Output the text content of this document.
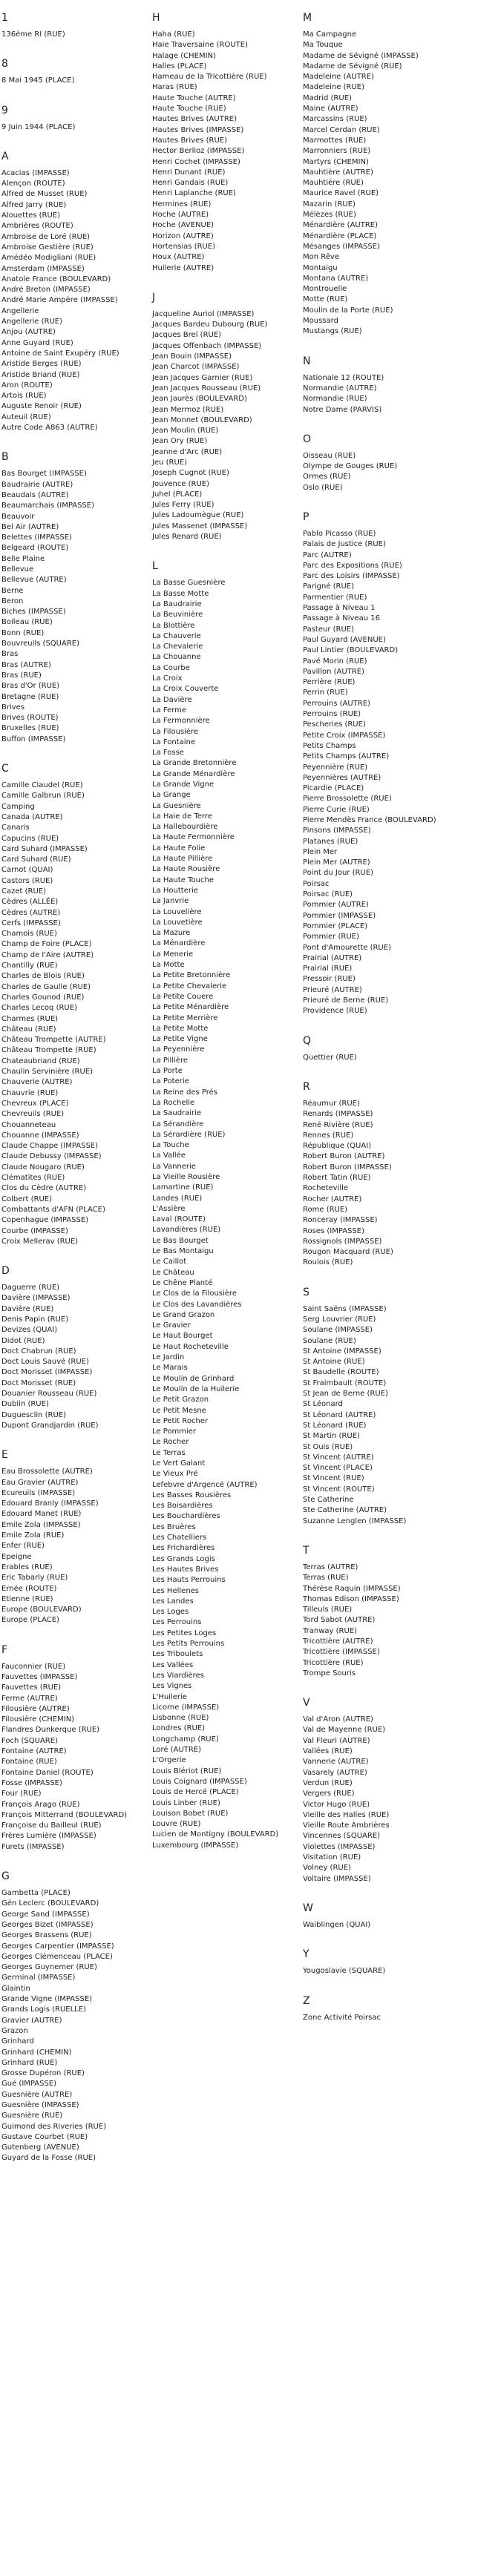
1
136ème RI (RUE)
8
8 Mai 1945 (PLACE)
9
9 Juin 1944 (PLACE)
A
Acacias (IMPASSE)
Alençon (ROUTE)
Alfred de Musset (RUE)
Alfred Jarry (RUE)
Alouettes (RUE)
Ambrières (ROUTE)
Ambroise de Loré (RUE)
Ambroise Gestière (RUE)
Amédéo Modigliani (RUE)
Amsterdam (IMPASSE)
Anatole France (BOULEVARD)
André Breton (IMPASSE)
André Marie Ampère (IMPASSE)
Angellerie
Angellerie (RUE)
Anjou (AUTRE)
Anne Guyard (RUE)
Antoine de Saint Exupéry (RUE)
Aristide Berges (RUE)
Aristide Briand (RUE)
Aron (ROUTE)
Artois (RUE)
Auguste Renoir (RUE)
Auteuil (RUE)
Autre Code A863 (AUTRE)
B
Bas Bourget (IMPASSE)
Baudrairie (AUTRE)
Beaudais (AUTRE)
Beaumarchais (IMPASSE)
Beauvoir
Bel Air (AUTRE)
Belettes (IMPASSE)
Belgeard (ROUTE)
Belle Plaine
Bellevue
Bellevue (AUTRE)
Berne
Beron
Biches (IMPASSE)
Boileau (RUE)
Bonn (RUE)
Bouvreuils (SQUARE)
Bras
Bras (AUTRE)
Bras (RUE)
Bras d'Or (RUE)
Bretagne (RUE)
Brives
Brives (ROUTE)
Bruxelles (RUE)
Buffon (IMPASSE)
C
Camille Claudel (RUE)
Camille Galbrun (RUE)
Camping
Canada (AUTRE)
Canaris
Capucins (RUE)
Card Suhard (IMPASSE)
Card Suhard (RUE)
Carnot (QUAI)
Castors (RUE)
Cazet (RUE)
Cèdres (ALLÉE)
Cèdres (AUTRE)
Cerfs (IMPASSE)
Chamois (RUE)
Champ de Foire (PLACE)
Champ de l'Aire (AUTRE)
Chantilly (RUE)
Charles de Blois (RUE)
Charles de Gaulle (RUE)
Charles Gounod (RUE)
Charles Lecoq (RUE)
Charmes (RUE)
Château (RUE)
Château Trompette (AUTRE)
Château Trompette (RUE)
Chateaubriand (RUE)
Chaulin Servinière (RUE)
Chauverie (AUTRE)
Chauvrie (RUE)
Chevreux (PLACE)
Chevreuils (RUE)
Chouanneteau
Chouanne (IMPASSE)
Claude Chappe (IMPASSE)
Claude Debussy (IMPASSE)
Claude Nougaro (RUE)
Clématites (RUE)
Clos du Cèdre (AUTRE)
Colbert (RUE)
Combattants d'AFN (PLACE)
Copenhague (IMPASSE)
Courbe (IMPASSE)
Croix Mellerav (RUE)
D
Daguerre (RUE)
Davière (IMPASSE)
Davière (RUE)
Denis Papin (RUE)
Devizes (QUAI)
Didot (RUE)
Doct Chabrun (RUE)
Doct Louis Sauvé (RUE)
Doct Morisset (IMPASSE)
Doct Morisset (RUE)
Douanier Rousseau (RUE)
Dublin (RUE)
Duguesclin (RUE)
Dupont Grandjardin (RUE)
E
Eau Brossolette (AUTRE)
Eau Gravier (AUTRE)
Ecureuils (IMPASSE)
Edouard Branly (IMPASSE)
Edouard Manet (RUE)
Emile Zola (IMPASSE)
Emile Zola (RUE)
Enfer (RUE)
Epeigne
Erables (RUE)
Eric Tabarly (RUE)
Ernée (ROUTE)
Etienne (RUE)
Europe (BOULEVARD)
Europe (PLACE)
F
Fauconnier (RUE)
Fauvettes (IMPASSE)
Fauvettes (RUE)
Ferme (AUTRE)
Filousière (AUTRE)
Filousière (CHEMIN)
Flandres Dunkerque (RUE)
Foch (SQUARE)
Fontaine (AUTRE)
Fontaine (RUE)
Fontaine Daniel (ROUTE)
Fosse (IMPASSE)
Four (RUE)
François Arago (RUE)
François Mitterrand (BOULEVARD)
Françoise du Bailleul (RUE)
Frères Lumière (IMPASSE)
Furets (IMPASSE)
G
Gambetta (PLACE)
Gén Leclerc (BOULEVARD)
George Sand (IMPASSE)
Georges Bizet (IMPASSE)
Georges Brassens (RUE)
Georges Carpentier (IMPASSE)
Georges Clémenceau (PLACE)
Georges Guynemer (RUE)
Germinal (IMPASSE)
Glaintin
Grande Vigne (IMPASSE)
Grands Logis (RUELLE)
Gravier (AUTRE)
Grazon
Grinhard
Grinhard (CHEMIN)
Grinhard (RUE)
Grosse Dupéron (RUE)
Gué (IMPASSE)
Guesnière (AUTRE)
Guesnière (IMPASSE)
Guesnière (RUE)
Guimond des Riveries (RUE)
Gustave Courbet (RUE)
Gutenberg (AVENUE)
Guyard de la Fosse (RUE)
H
Haha (RUE)
Haie Traversaine (ROUTE)
Halage (CHEMIN)
Halles (PLACE)
Hameau de la Tricottière (RUE)
Haras (RUE)
Haute Touche (AUTRE)
Haute Touche (RUE)
Hautes Brives (AUTRE)
Hautes Brives (IMPASSE)
Hautes Brives (RUE)
Hector Berlioz (IMPASSE)
Henri Cochet (IMPASSE)
Henri Dunant (RUE)
Henri Gandais (RUE)
Henri Laplanche (RUE)
Hermines (RUE)
Hoche (AUTRE)
Hoche (AVENUE)
Horizon (AUTRE)
Hortensias (RUE)
Houx (AUTRE)
Huilerie (AUTRE)
J
Jacqueline Auriol (IMPASSE)
Jacques Bardeu Dubourg (RUE)
Jacques Brel (RUE)
Jacques Offenbach (IMPASSE)
Jean Bouin (IMPASSE)
Jean Charcot (IMPASSE)
Jean Jacques Garnier (RUE)
Jean Jacques Rousseau (RUE)
Jean Jaurès (BOULEVARD)
Jean Mermoz (RUE)
Jean Monnet (BOULEVARD)
Jean Moulin (RUE)
Jean Ory (RUE)
Jeanne d'Arc (RUE)
Jeu (RUE)
Joseph Cugnot (RUE)
Jouvence (RUE)
Juhel (PLACE)
Jules Ferry (RUE)
Jules Ladoumègue (RUE)
Jules Massenet (IMPASSE)
Jules Renard (RUE)
L
La Basse Guesnière
La Basse Motte
La Baudrairie
La Beuvinière
La Blottière
La Chauverie
La Chevalerie
La Chouanne
La Courbe
La Croix
La Croix Couverte
La Davière
La Ferme
La Fermonnière
La Filousière
La Fontaine
La Fosse
La Grande Bretonnière
La Grande Ménardière
La Grande Vigne
La Grange
La Guesnière
La Haie de Terre
La Hallebourdière
La Haute Fermonnière
La Haute Folie
La Haute Pillière
La Haute Rousière
La Haute Touche
La Houtterie
La Janvrie
La Louvelière
La Louvetière
La Mazure
La Ménardière
La Menerie
La Motte
La Petite Bretonnière
La Petite Chevalerie
La Petite Couere
La Petite Ménardière
La Petite Merrière
La Petite Motte
La Petite Vigne
La Peyennière
La Pillière
La Porte
La Poterie
La Reine des Prés
La Rochelle
La Saudrairie
La Sérandière
La Sérardière (RUE)
La Touche
La Vallée
La Vannerie
La Vieille Rousière
Lamartine (RUE)
Landes (RUE)
L'Assière
Laval (ROUTE)
Lavandières (RUE)
Le Bas Bourget
Le Bas Montaigu
Le Caillot
Le Château
Le Chêne Planté
Le Clos de la Filousière
Le Clos des Lavandières
Le Grand Grazon
Le Gravier
Le Haut Bourget
Le Haut Rocheteville
Le Jardin
Le Marais
Le Moulin de Grinhard
Le Moulin de la Huilerie
Le Petit Grazon
Le Petit Mesne
Le Petit Rocher
Le Pommier
Le Rocher
Le Terras
Le Vert Galant
Le Vieux Pré
Lefebvre d'Argencé (AUTRE)
Les Basses Rousières
Les Boisardières
Les Bouchardières
Les Bruères
Les Chatelliers
Les Frichardières
Les Grands Logis
Les Hautes Brives
Les Hauts Perrouins
Les Hellenes
Les Landes
Les Loges
Les Perrouins
Les Petites Loges
Les Petits Perrouins
Les Triboulets
Les Vallées
Les Viardières
Les Vignes
L'Huilerie
Licorne (IMPASSE)
Lisbonne (RUE)
Londres (RUE)
Longchamp (RUE)
Loré (AUTRE)
L'Orgerie
Louis Blériot (RUE)
Louis Coignard (IMPASSE)
Louis de Hercé (PLACE)
Louis Linber (RUE)
Louison Bobet (RUE)
Louvre (RUE)
Lucien de Montigny (BOULEVARD)
Luxembourg (IMPASSE)
M
Ma Campagne
Ma Touque
Madame de Sévigné (IMPASSE)
Madame de Sévigné (RUE)
Madeleine (AUTRE)
Madeleine (RUE)
Madrid (RUE)
Maine (AUTRE)
Marcassins (RUE)
Marcel Cerdan (RUE)
Marmottes (RUE)
Marronniers (RUE)
Martyrs (CHEMIN)
Mauhtière (AUTRE)
Mauhtière (RUE)
Maurice Ravel (RUE)
Mazarin (RUE)
Mélèzes (RUE)
Ménardière (AUTRE)
Ménardière (PLACE)
Mésanges (IMPASSE)
Mon Rêve
Montaigu
Montana (AUTRE)
Montrouelle
Motte (RUE)
Moulin de la Porte (RUE)
Moussard
Mustangs (RUE)
N
Nationale 12 (ROUTE)
Normandie (AUTRE)
Normandie (RUE)
Notre Dame (PARVIS)
O
Oisseau (RUE)
Olympe de Gouges (RUE)
Ormes (RUE)
Oslo (RUE)
P
Pablo Picasso (RUE)
Palais de Justice (RUE)
Parc (AUTRE)
Parc des Expositions (RUE)
Parc des Loisirs (IMPASSE)
Parigné (RUE)
Parmentier (RUE)
Passage à Niveau 1
Passage à Niveau 16
Pasteur (RUE)
Paul Guyard (AVENUE)
Paul Lintier (BOULEVARD)
Pavé Morin (RUE)
Pavillon (AUTRE)
Perrière (RUE)
Perrin (RUE)
Perrouins (AUTRE)
Perrouins (RUE)
Pescheries (RUE)
Petite Croix (IMPASSE)
Petits Champs
Petits Champs (AUTRE)
Peyennière (RUE)
Peyennières (AUTRE)
Picardie (PLACE)
Pierre Brossolette (RUE)
Pierre Curie (RUE)
Pierre Mendès France (BOULEVARD)
Pinsons (IMPASSE)
Platanes (RUE)
Plein Mer
Plein Mer (AUTRE)
Point du Jour (RUE)
Poirsac
Poirsac (RUE)
Pommier (AUTRE)
Pommier (IMPASSE)
Pommier (PLACE)
Pommier (RUE)
Pont d'Amourette (RUE)
Prairial (AUTRE)
Prairial (RUE)
Pressoir (RUE)
Prieuré (AUTRE)
Prieuré de Berne (RUE)
Providence (RUE)
Q
Quettier (RUE)
R
Réaumur (RUE)
Renards (IMPASSE)
René Rivière (RUE)
Rennes (RUE)
République (QUAI)
Robert Buron (AUTRE)
Robert Buron (IMPASSE)
Robert Tatin (RUE)
Rocheteville
Rocher (AUTRE)
Rome (RUE)
Ronceray (IMPASSE)
Roses (IMPASSE)
Rossignols (IMPASSE)
Rougon Macquard (RUE)
Roulois (RUE)
S
Saint Saëns (IMPASSE)
Serg Louvrier (RUE)
Soulane (IMPASSE)
Soulane (RUE)
St Antoine (IMPASSE)
St Antoine (RUE)
St Baudelle (ROUTE)
St Fraimbault (ROUTE)
St Jean de Berne (RUE)
St Léonard
St Léonard (AUTRE)
St Léonard (RUE)
St Martin (RUE)
St Ouis (RUE)
St Vincent (AUTRE)
St Vincent (PLACE)
St Vincent (RUE)
St Vincent (ROUTE)
Ste Catherine
Ste Catherine (AUTRE)
Suzanne Lenglen (IMPASSE)
T
Terras (AUTRE)
Terras (RUE)
Thérèse Raquin (IMPASSE)
Thomas Edison (IMPASSE)
Tilleuls (RUE)
Tord Sabot (AUTRE)
Tranway (RUE)
Tricottière (AUTRE)
Tricottière (IMPASSE)
Tricottière (RUE)
Trompe Souris
V
Val d'Aron (AUTRE)
Val de Mayenne (RUE)
Val Fleuri (AUTRE)
Vallées (RUE)
Vannerie (AUTRE)
Vasarely (AUTRE)
Verdun (RUE)
Vergers (RUE)
Victor Hugo (RUE)
Vieille des Halles (RUE)
Vieille Route Ambrières
Vincennes (SQUARE)
Violettes (IMPASSE)
Visitation (RUE)
Volney (RUE)
Voltaire (IMPASSE)
W
Waiblingen (QUAI)
Y
Yougoslavie (SQUARE)
Z
Zone Activité Poirsac
